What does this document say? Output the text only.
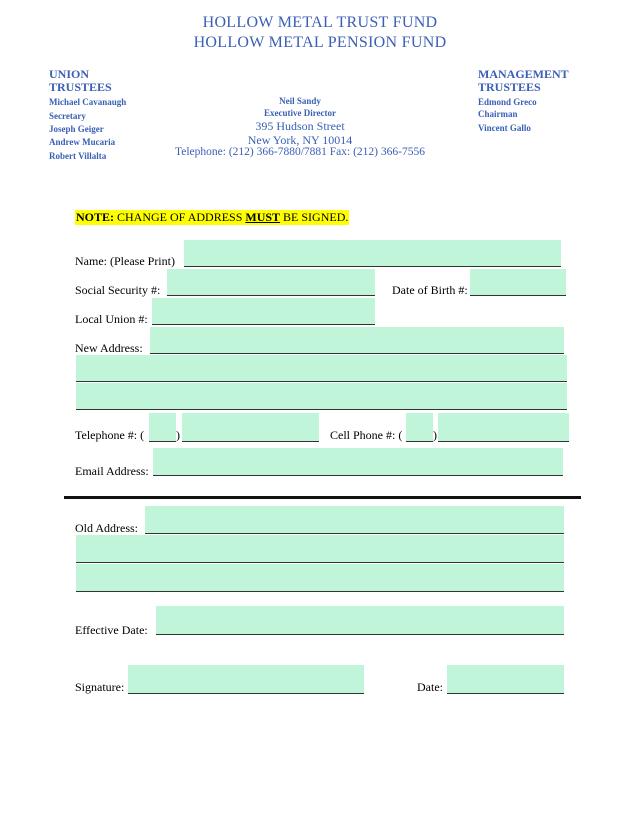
HOLLOW METAL TRUST FUND
HOLLOW METAL PENSION FUND
UNION
TRUSTEES
Michael Cavanaugh
Secretary
Joseph Geiger
Andrew Mucaria
Robert Villalta
MANAGEMENT
TRUSTEES
Edmond Greco
Chairman
Vincent Gallo
Neil Sandy
Executive Director
395 Hudson Street
New York, NY 10014
Telephone: (212) 366-7880/7881 Fax: (212) 366-7556
NOTE: CHANGE OF ADDRESS MUST BE SIGNED.
Name: (Please Print)
Social Security #:	Date of Birth #:
Local Union #:
New Address:
Telephone #: (	)	Cell Phone #: (	)
Email Address:
Old Address:
Effective Date:
Signature:	Date:
